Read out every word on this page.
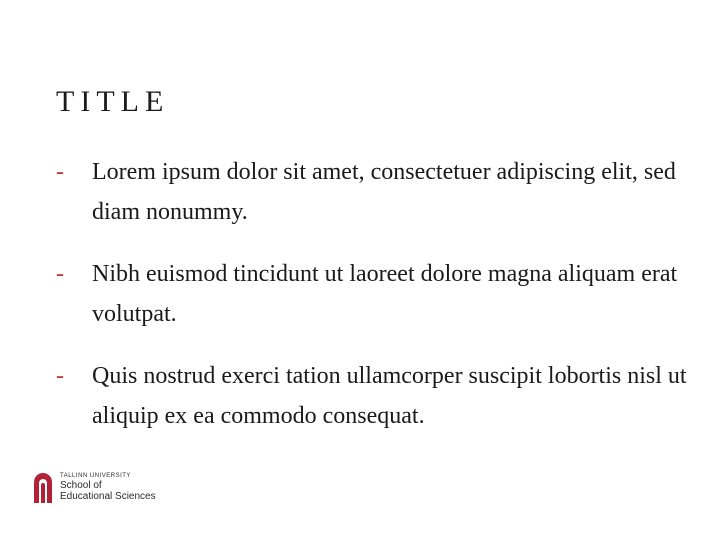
TITLE
-	Lorem ipsum dolor sit amet, consectetuer adipiscing elit, sed diam nonummy.
-	Nibh euismod tincidunt ut laoreet dolore magna aliquam erat volutpat.
-	Quis nostrud exerci tation ullamcorper suscipit lobortis nisl ut aliquip ex ea commodo consequat.
TALLINN UNIVERSITY
School of
Educational Sciences
